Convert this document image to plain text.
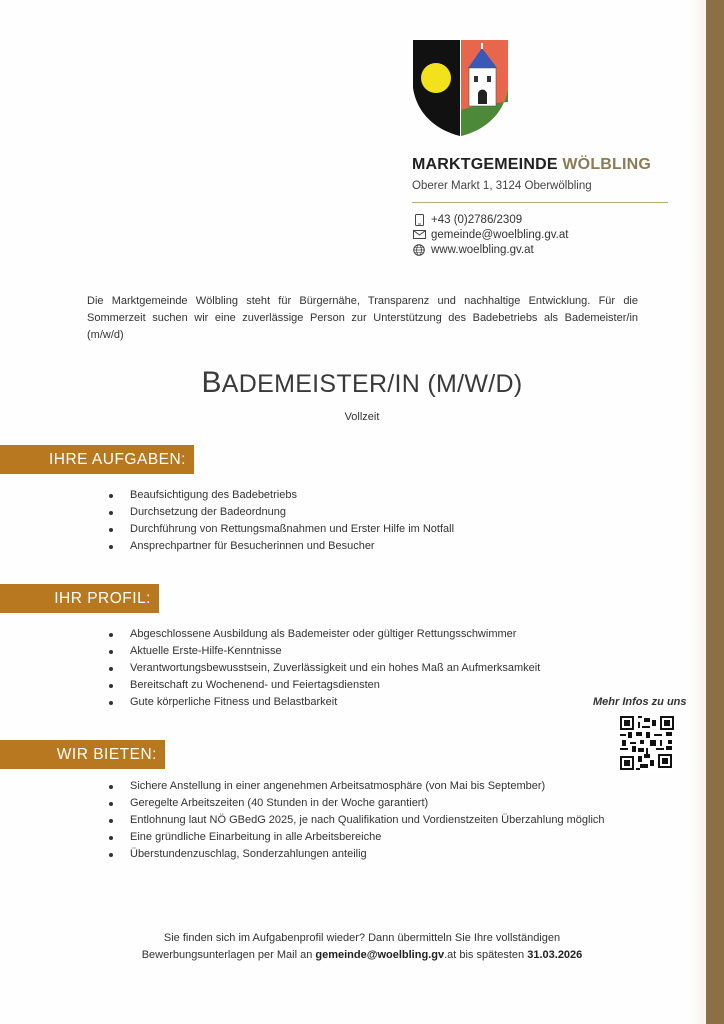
MARKTGEMEINDE WÖLBLING
Oberer Markt 1, 3124 Oberwölbling
+43 (0)2786/2309
gemeinde@woelbling.gv.at
www.woelbling.gv.at
Die Marktgemeinde Wölbling steht für Bürgernähe, Transparenz und nachhaltige Entwicklung. Für die Sommerzeit suchen wir eine zuverlässige Person zur Unterstützung des Badebetriebs als Bademeister/in (m/w/d)
BADEMEISTER/IN (M/W/D)
Vollzeit
IHRE AUFGABEN:
Beaufsichtigung des Badebetriebs
Durchsetzung der Badeordnung
Durchführung von Rettungsmaßnahmen und Erster Hilfe im Notfall
Ansprechpartner für Besucherinnen und Besucher
IHR PROFIL:
Abgeschlossene Ausbildung als Bademeister oder gültiger Rettungsschwimmer
Aktuelle Erste-Hilfe-Kenntnisse
Verantwortungsbewusstsein, Zuverlässigkeit und ein hohes Maß an Aufmerksamkeit
Bereitschaft zu Wochenend- und Feiertagsdiensten
Gute körperliche Fitness und Belastbarkeit	Mehr Infos zu uns
WIR BIETEN:
Sichere Anstellung in einer angenehmen Arbeitsatmosphäre (von Mai bis September)
Geregelte Arbeitszeiten (40 Stunden in der Woche garantiert)
Entlohnung laut NÖ GBedG 2025, je nach Qualifikation und Vordienstzeiten Überzahlung möglich
Eine gründliche Einarbeitung in alle Arbeitsbereiche
Überstundenzuschlag, Sonderzahlungen anteilig
Sie finden sich im Aufgabenprofil wieder? Dann übermitteln Sie Ihre vollständigen
Bewerbungsunterlagen per Mail an gemeinde@woelbling.gv.at bis spätesten 31.03.2026
